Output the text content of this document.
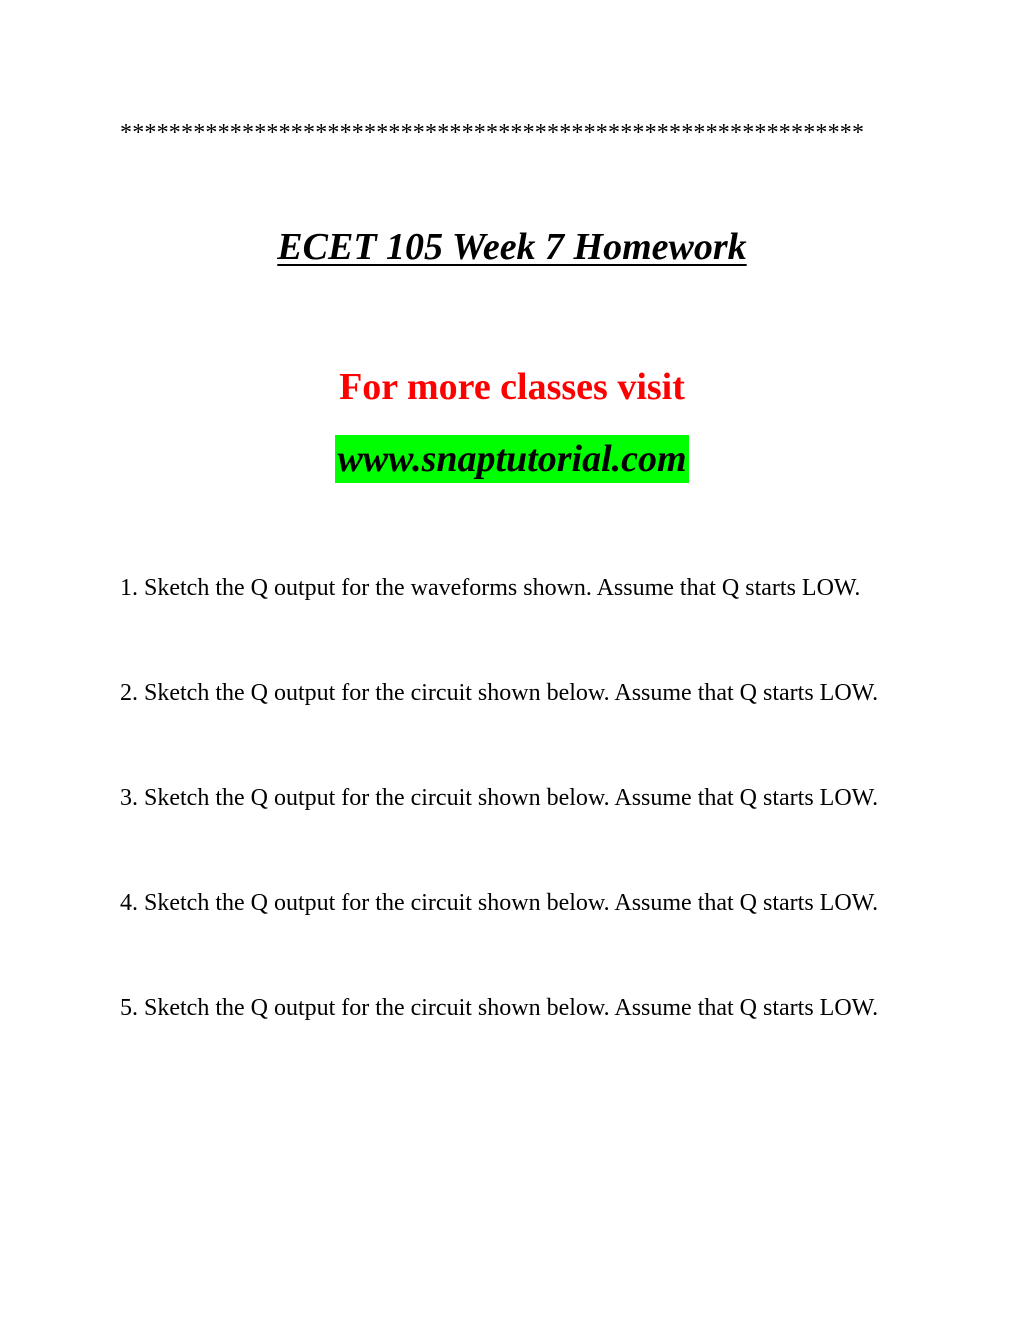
*************************************************************
ECET 105 Week 7 Homework
For more classes visit
www.snaptutorial.com

1. Sketch the Q output for the waveforms shown. Assume that Q starts LOW.

2. Sketch the Q output for the circuit shown below. Assume that Q starts LOW.

3. Sketch the Q output for the circuit shown below. Assume that Q starts LOW.

4. Sketch the Q output for the circuit shown below. Assume that Q starts LOW.

5. Sketch the Q output for the circuit shown below. Assume that Q starts LOW.
